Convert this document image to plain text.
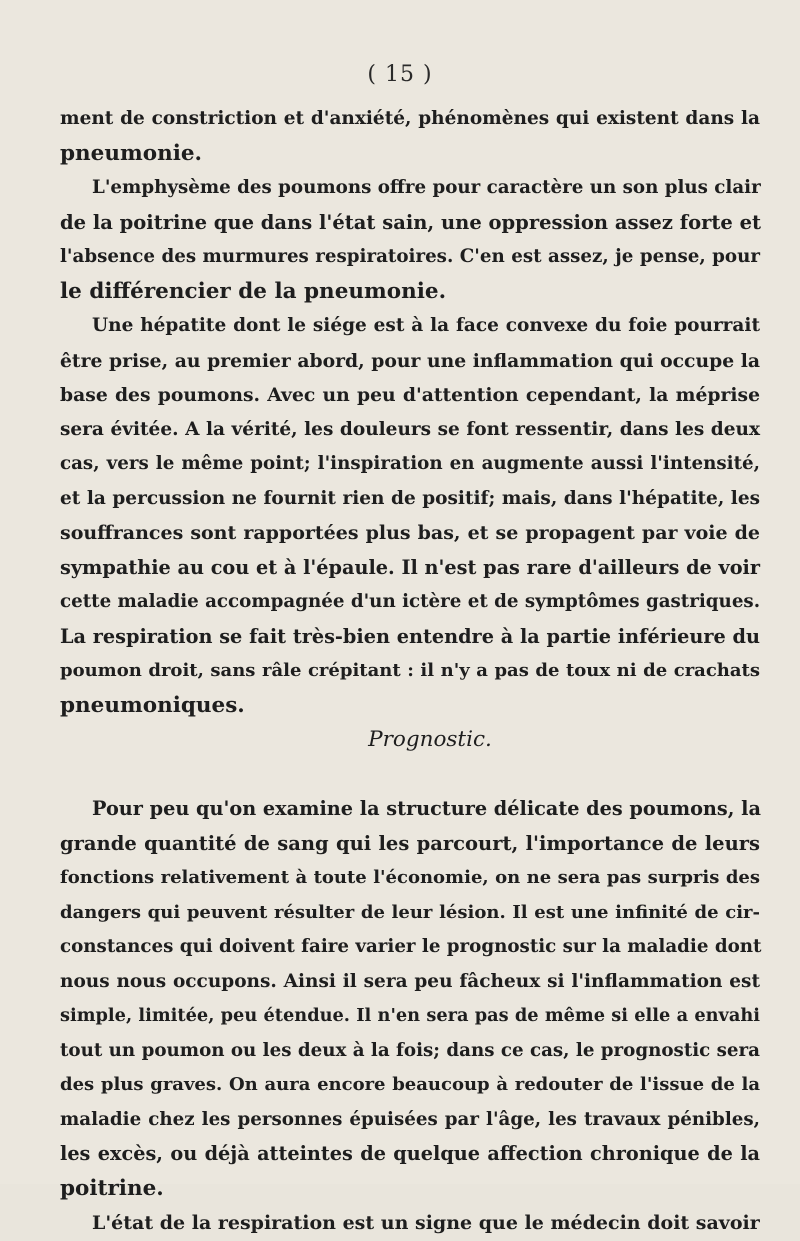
( 15 )
ment de constriction et d'anxiété, phénomènes qui existent dans la
pneumonie.
L'emphysème des poumons offre pour caractère un son plus clair
de la poitrine que dans l'état sain, une oppression assez forte et
l'absence des murmures respiratoires. C'en est assez, je pense, pour
le différencier de la pneumonie.
Une hépatite dont le siége est à la face convexe du foie pourrait
être prise, au premier abord, pour une inflammation qui occupe la
base des poumons. Avec un peu d'attention cependant, la méprise
sera évitée. A la vérité, les douleurs se font ressentir, dans les deux
cas, vers le même point; l'inspiration en augmente aussi l'intensité,
et la percussion ne fournit rien de positif; mais, dans l'hépatite, les
souffrances sont rapportées plus bas, et se propagent par voie de
sympathie au cou et à l'épaule. Il n'est pas rare d'ailleurs de voir
cette maladie accompagnée d'un ictère et de symptômes gastriques.
La respiration se fait très-bien entendre à la partie inférieure du
poumon droit, sans râle crépitant : il n'y a pas de toux ni de crachats
pneumoniques.
Prognostic.
Pour peu qu'on examine la structure délicate des poumons, la
grande quantité de sang qui les parcourt, l'importance de leurs
fonctions relativement à toute l'économie, on ne sera pas surpris des
dangers qui peuvent résulter de leur lésion. Il est une infinité de cir-
constances qui doivent faire varier le prognostic sur la maladie dont
nous nous occupons. Ainsi il sera peu fâcheux si l'inflammation est
simple, limitée, peu étendue. Il n'en sera pas de même si elle a envahi
tout un poumon ou les deux à la fois; dans ce cas, le prognostic sera
des plus graves. On aura encore beaucoup à redouter de l'issue de la
maladie chez les personnes épuisées par l'âge, les travaux pénibles,
les excès, ou déjà atteintes de quelque affection chronique de la
poitrine.
L'état de la respiration est un signe que le médecin doit savoir
